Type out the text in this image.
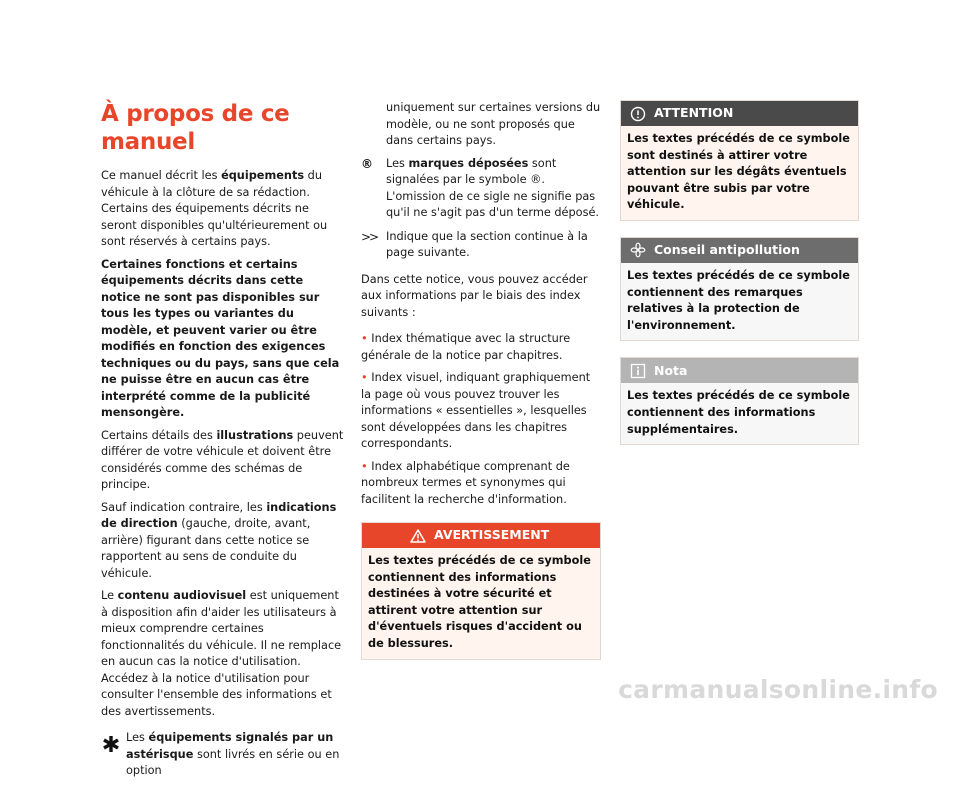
À propos de ce manuel

Ce manuel décrit les équipements du véhicule à la clôture de sa rédaction. Certains des équipements décrits ne seront disponibles qu'ultérieurement ou sont réservés à certains pays.

Certaines fonctions et certains équipements décrits dans cette notice ne sont pas disponibles sur tous les types ou variantes du modèle, et peuvent varier ou être modifiés en fonction des exigences techniques ou du pays, sans que cela ne puisse être en aucun cas être interprété comme de la publicité mensongère.

Certains détails des illustrations peuvent différer de votre véhicule et doivent être considérés comme des schémas de principe.

Sauf indication contraire, les indications de direction (gauche, droite, avant, arrière) figurant dans cette notice se rapportent au sens de conduite du véhicule.

Le contenu audiovisuel est uniquement à disposition afin d'aider les utilisateurs à mieux comprendre certaines fonctionnalités du véhicule. Il ne remplace en aucun cas la notice d'utilisation. Accédez à la notice d'utilisation pour consulter l'ensemble des informations et des avertissements.

Les équipements signalés par un astérisque sont livrés en série ou en option

uniquement sur certaines versions du modèle, ou ne sont proposés que dans certains pays.

® Les marques déposées sont signalées par le symbole ®. L'omission de ce sigle ne signifie pas qu'il ne s'agit pas d'un terme déposé.
>> Indique que la section continue à la page suivante.

Dans cette notice, vous pouvez accéder aux informations par le biais des index suivants :

• Index thématique avec la structure générale de la notice par chapitres.

• Index visuel, indiquant graphiquement la page où vous pouvez trouver les informations « essentielles », lesquelles sont développées dans les chapitres correspondants.

• Index alphabétique comprenant de nombreux termes et synonymes qui facilitent la recherche d'information.

AVERTISSEMENT
Les textes précédés de ce symbole contiennent des informations destinées à votre sécurité et attirent votre attention sur d'éventuels risques d'accident ou de blessures.
ATTENTION
Les textes précédés de ce symbole sont destinés à attirer votre attention sur les dégâts éventuels pouvant être subis par votre véhicule.
Conseil antipollution
Les textes précédés de ce symbole contiennent des remarques relatives à la protection de l'environnement.
Nota
Les textes précédés de ce symbole contiennent des informations supplémentaires.
carmanualsonline.info
